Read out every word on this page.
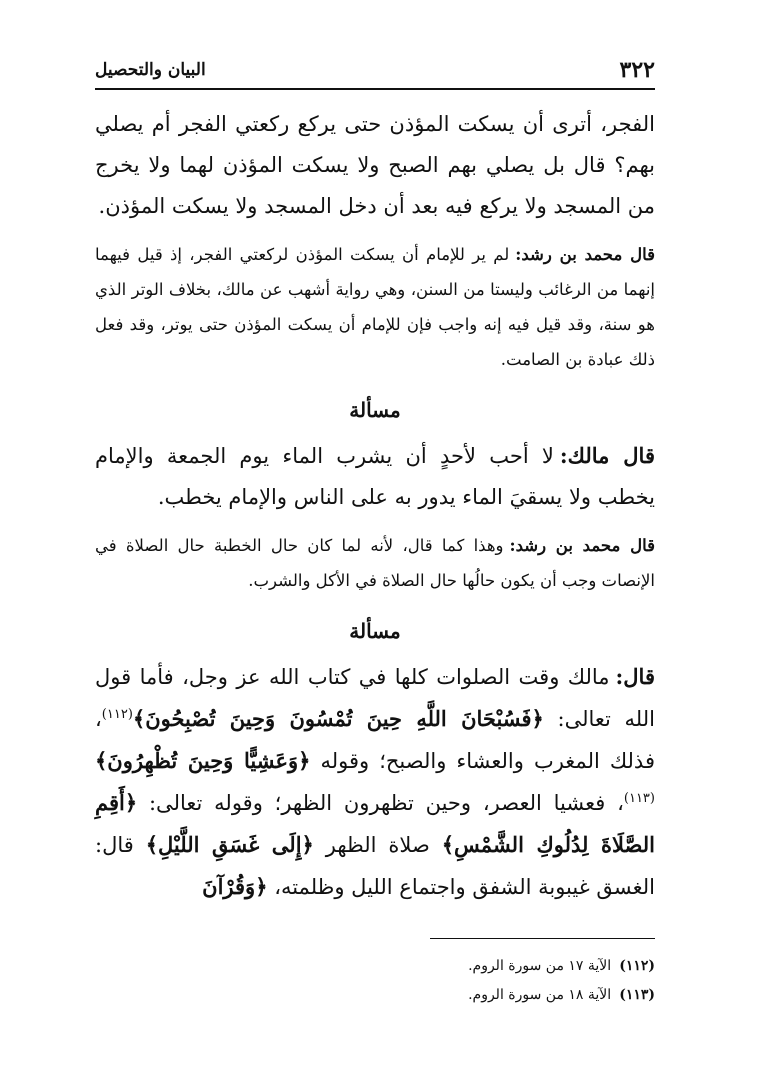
٣٢٢
البيان والتحصيل

الفجر، أترى أن يسكت المؤذن حتى يركع ركعتي الفجر أم يصلي بهم؟ قال بل يصلي بهم الصبح ولا يسكت المؤذن لهما ولا يخرج من المسجد ولا يركع فيه بعد أن دخل المسجد ولا يسكت المؤذن.

قال محمد بن رشد:لم ير للإمام أن يسكت المؤذن لركعتي الفجر، إذ قيل فيهما إنهما من الرغائب وليستا من السنن، وهي رواية أشهب عن مالك، بخلاف الوتر الذي هو سنة، وقد قيل فيه إنه واجب فإن للإمام أن يسكت المؤذن حتى يوتر، وقد فعل ذلك عبادة بن الصامت.

مسألة

قال مالك:لا أحب لأحدٍ أن يشرب الماء يوم الجمعة والإمام يخطب ولا يسقيَ الماء يدور به على الناس والإمام يخطب.

قال محمد بن رشد:وهذا كما قال، لأنه لما كان حال الخطبة حال الصلاة في الإنصات وجب أن يكون حالُها حال الصلاة في الأكل والشرب.

مسألة

قال:مالك وقت الصلوات كلها في كتاب الله عز وجل، فأما قول الله تعالى: ﴿فَسُبْحَانَ اللَّهِ حِينَ تُمْسُونَ وَحِينَ تُصْبِحُونَ﴾$^{(١١٢)}$، فذلك المغرب والعشاء والصبح؛ وقوله ﴿وَعَشِيًّا وَحِينَ تُظْهِرُونَ﴾$^{(١١٣)}$، فعشيا العصر، وحين تظهرون الظهر؛ وقوله تعالى: ﴿أَقِمِ الصَّلَاةَ لِدُلُوكِ الشَّمْسِ﴾ صلاة الظهر ﴿إِلَى غَسَقِ اللَّيْلِ﴾ قال: الغسق غيبوبة الشفق واجتماع الليل وظلمته، ﴿وَقُرْآنَ

(١١٢)الآية ١٧ من سورة الروم.
(١١٣)الآية ١٨ من سورة الروم.
